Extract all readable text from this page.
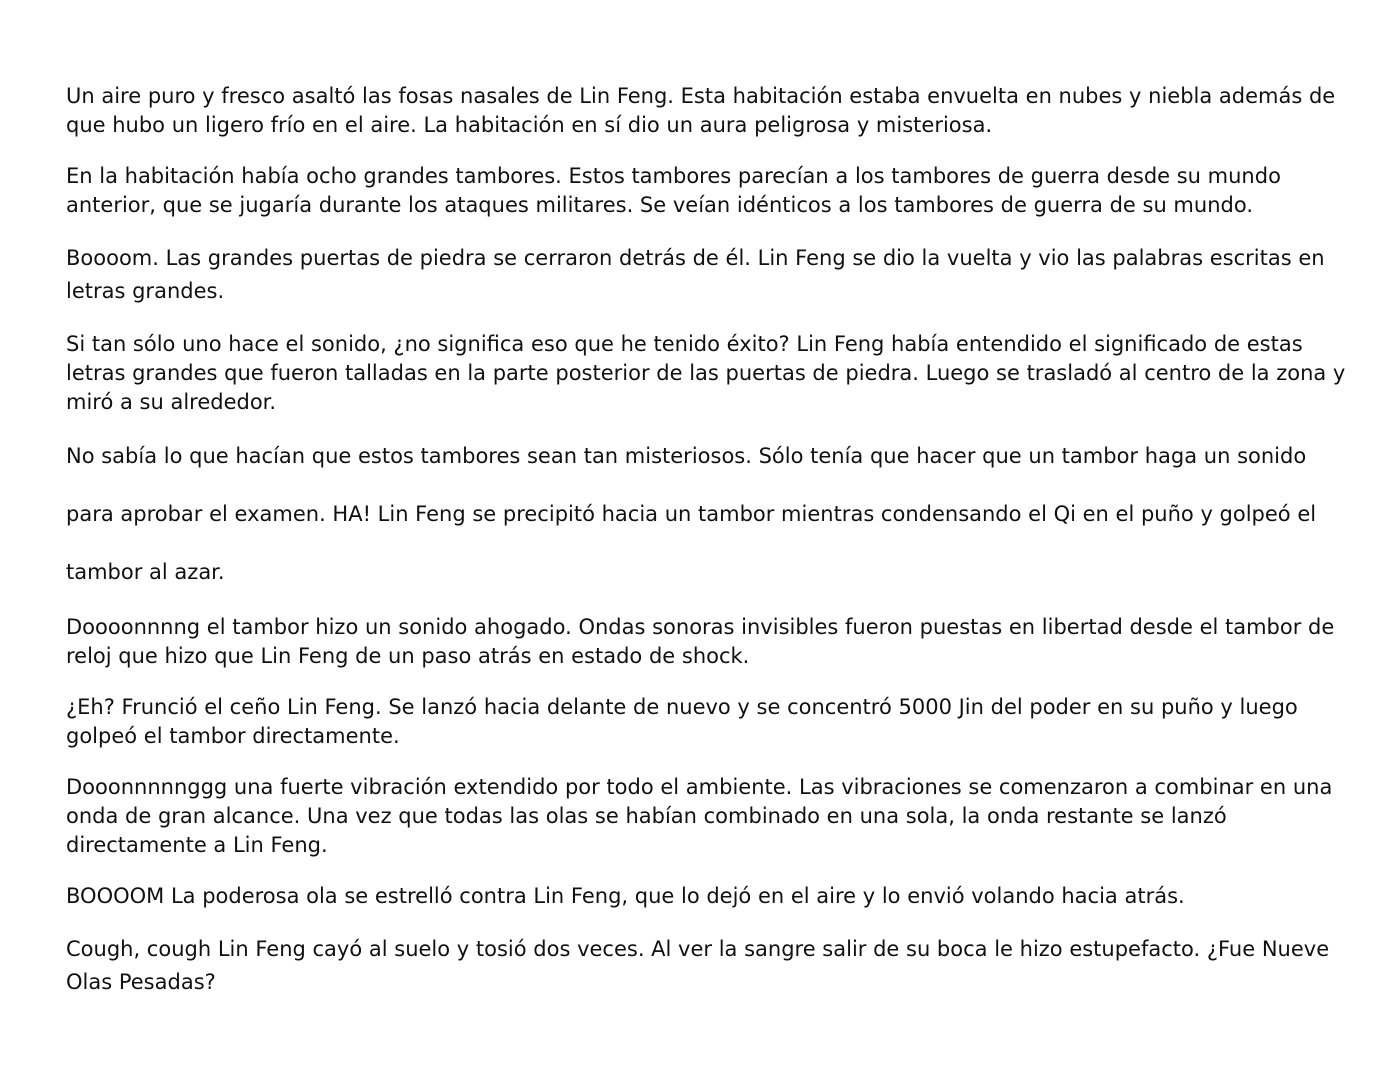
Un aire puro y fresco asaltó las fosas nasales de Lin Feng. Esta habitación estaba envuelta en nubes y niebla además de que hubo un ligero frío en el aire. La habitación en sí dio un aura peligrosa y misteriosa.

En la habitación había ocho grandes tambores. Estos tambores parecían a los tambores de guerra desde su mundo anterior, que se jugaría durante los ataques militares. Se veían idénticos a los tambores de guerra de su mundo.

Boooom. Las grandes puertas de piedra se cerraron detrás de él. Lin Feng se dio la vuelta y vio las palabras escritas en letras grandes.

Si tan sólo uno hace el sonido, ¿no significa eso que he tenido éxito? Lin Feng había entendido el significado de estas letras grandes que fueron talladas en la parte posterior de las puertas de piedra. Luego se trasladó al centro de la zona y miró a su alrededor.

No sabía lo que hacían que estos tambores sean tan misteriosos. Sólo tenía que hacer que un tambor haga un sonido para aprobar el examen. HA! Lin Feng se precipitó hacia un tambor mientras condensando el Qi en el puño y golpeó el tambor al azar.

Doooonnnng el tambor hizo un sonido ahogado. Ondas sonoras invisibles fueron puestas en libertad desde el tambor de reloj que hizo que Lin Feng de un paso atrás en estado de shock.

¿Eh? Frunció el ceño Lin Feng. Se lanzó hacia delante de nuevo y se concentró 5000 Jin del poder en su puño y luego golpeó el tambor directamente.

Dooonnnnnggg una fuerte vibración extendido por todo el ambiente. Las vibraciones se comenzaron a combinar en una onda de gran alcance. Una vez que todas las olas se habían combinado en una sola, la onda restante se lanzó directamente a Lin Feng.

BOOOOM La poderosa ola se estrelló contra Lin Feng, que lo dejó en el aire y lo envió volando hacia atrás.

Cough, cough Lin Feng cayó al suelo y tosió dos veces. Al ver la sangre salir de su boca le hizo estupefacto. ¿Fue Nueve Olas Pesadas?
